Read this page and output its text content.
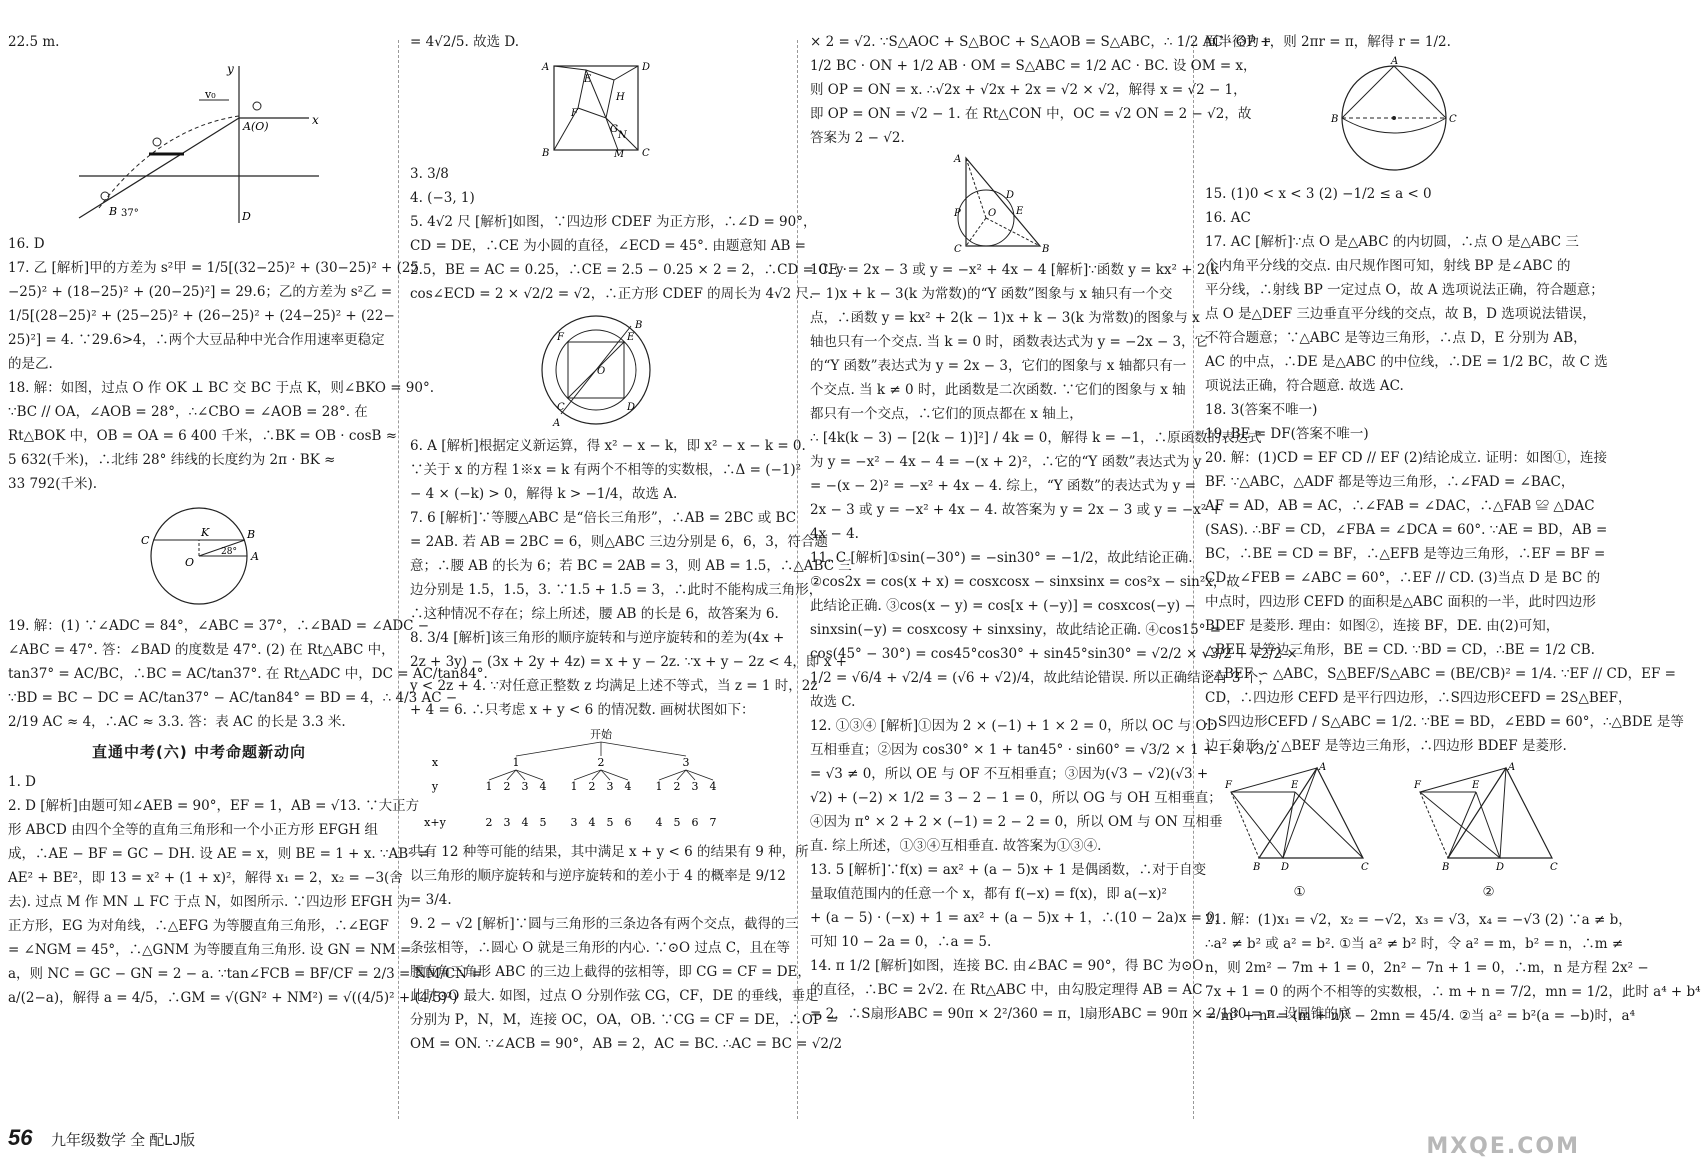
22.5 m.
v₀
y
x
A(O)
D
B 37°
16. D
17. 乙 [解析]甲的方差为 s²甲 = 1/5[(32−25)² + (30−25)² + (25
−25)² + (18−25)² + (20−25)²] = 29.6；乙的方差为 s²乙 =
1/5[(28−25)² + (25−25)² + (26−25)² + (24−25)² + (22−
25)²] = 4. ∵29.6>4，∴两个大豆品种中光合作用速率更稳定
的是乙.
18. 解：如图，过点 O 作 OK ⊥ BC 交 BC 于点 K，则∠BKO = 90°.
∵BC // OA，∠AOB = 28°，∴∠CBO = ∠AOB = 28°. 在
Rt△BOK 中，OB = OA = 6 400 千米，∴BK = OB · cosB ≈
5 632(千米)，∴北纬 28° 纬线的长度约为 2π · BK ≈
33 792(千米).
C	B
A
O
K
28°
19. 解：(1) ∵∠ADC = 84°，∠ABC = 37°，∴∠BAD = ∠ADC −
∠ABC = 47°. 答：∠BAD 的度数是 47°. (2) 在 Rt△ABC 中，
tan37° = AC/BC，∴BC = AC/tan37°. 在 Rt△ADC 中，DC = AC/tan84°.
∵BD = BC − DC = AC/tan37° − AC/tan84° = BD = 4，∴ 4/3 AC −
2/19 AC ≈ 4，∴AC ≈ 3.3. 答：表 AC 的长是 3.3 米.
直通中考(六) 中考命题新动向
1. D
2. D [解析]由题可知∠AEB = 90°，EF = 1，AB = √13. ∵大正方
形 ABCD 由四个全等的直角三角形和一个小正方形 EFGH 组
成，∴AE − BF = GC − DH. 设 AE = x，则 BE = 1 + x. ∵AB² =
AE² + BE²，即 13 = x² + (1 + x)²，解得 x₁ = 2，x₂ = −3(舍
去). 过点 M 作 MN ⊥ FC 于点 N，如图所示. ∵四边形 EFGH 为
正方形，EG 为对角线，∴△EFG 为等腰直角三角形，∴∠EGF
= ∠NGM = 45°，∴△GNM 为等腰直角三角形. 设 GN = NM =
a，则 NC = GC − GN = 2 − a. ∵tan∠FCB = BF/CF = 2/3 = NM/CN =
a/(2−a)，解得 a = 4/5，∴GM = √(GN² + NM²) = √((4/5)² + (4/5)²)
= 4√2/5. 故选 D.
A	D
B	C
E
H
F
G
N
M
3. 3/8
4. (−3, 1)
5. 4√2 尺 [解析]如图，∵四边形 CDEF 为正方形，∴∠D = 90°，
CD = DE，∴CE 为小圆的直径，∠ECD = 45°. 由题意知 AB =
2.5，BE = AC = 0.25，∴CE = 2.5 − 0.25 × 2 = 2，∴CD = CE ·
cos∠ECD = 2 × √2/2 = √2，∴正方形 CDEF 的周长为 4√2 尺.
F	E
C	D
O
B
A
6. A [解析]根据定义新运算，得 x² − x − k，即 x² − x − k = 0.
∵关于 x 的方程 1※x = k 有两个不相等的实数根，∴Δ = (−1)²
− 4 × (−k) > 0，解得 k > −1/4，故选 A.
7. 6 [解析]∵等腰△ABC 是“倍长三角形”，∴AB = 2BC 或 BC
= 2AB. 若 AB = 2BC = 6，则△ABC 三边分别是 6，6，3，符合题
意；∴腰 AB 的长为 6；若 BC = 2AB = 3，则 AB = 1.5，∴△ABC 三
边分别是 1.5，1.5，3. ∵1.5 + 1.5 = 3，∴此时不能构成三角形，
∴这种情况不存在；综上所述，腰 AB 的长是 6，故答案为 6.
8. 3/4 [解析]该三角形的顺序旋转和与逆序旋转和的差为(4x +
2z + 3y) − (3x + 2y + 4z) = x + y − 2z. ∵x + y − 2z < 4，即 x +
y < 2z + 4. ∵对任意正整数 z 均满足上述不等式，当 z = 1 时，2z
+ 4 = 6. ∴只考虑 x + y < 6 的情况数. 画树状图如下：
开始
x
y
x+y
1
1
2
2
3
3
4
4
5
2
1
3
2
4
3
5
4
6
3
1
4
2
5
3
6
4
7
共有 12 种等可能的结果，其中满足 x + y < 6 的结果有 9 种，所
以三角形的顺序旋转和与逆序旋转和的差小于 4 的概率是 9/12
= 3/4.
9. 2 − √2 [解析]∵圆与三角形的三条边各有两个交点，截得的三
条弦相等，∴圆心 O 就是三角形的内心. ∵⊙O 过点 C，且在等
腰直角三角形 ABC 的三边上截得的弦相等，即 CG = CF = DE，
此时⊙O 最大. 如图，过点 O 分别作弦 CG，CF，DE 的垂线，垂足
分别为 P，N，M，连接 OC，OA，OB. ∵CG = CF = DE，∴OP =
OM = ON. ∵∠ACB = 90°，AB = 2，AC = BC. ∴AC = BC = √2/2
× 2 = √2. ∵S△AOC + S△BOC + S△AOB = S△ABC，∴ 1/2 AC · OP +
1/2 BC · ON + 1/2 AB · OM = S△ABC = 1/2 AC · BC. 设 OM = x，
则 OP = ON = x. ∴√2x + √2x + 2x = √2 × √2，解得 x = √2 − 1，
即 OP = ON = √2 − 1. 在 Rt△CON 中，OC = √2 ON = 2 − √2，故
答案为 2 − √2.
A
C	B
O
P	E
D
10. y = 2x − 3 或 y = −x² + 4x − 4 [解析]∵函数 y = kx² + 2(k
− 1)x + k − 3(k 为常数)的“Y 函数”图象与 x 轴只有一个交
点，∴函数 y = kx² + 2(k − 1)x + k − 3(k 为常数)的图象与 x
轴也只有一个交点. 当 k = 0 时，函数表达式为 y = −2x − 3，它
的“Y 函数”表达式为 y = 2x − 3，它们的图象与 x 轴都只有一
个交点. 当 k ≠ 0 时，此函数是二次函数. ∵它们的图象与 x 轴
都只有一个交点，∴它们的顶点都在 x 轴上，
∴ [4k(k − 3) − [2(k − 1)]²] / 4k = 0，解得 k = −1，∴原函数的表达式
为 y = −x² − 4x − 4 = −(x + 2)²，∴它的“Y 函数”表达式为 y
= −(x − 2)² = −x² + 4x − 4. 综上，“Y 函数”的表达式为 y =
2x − 3 或 y = −x² + 4x − 4. 故答案为 y = 2x − 3 或 y = −x² +
4x − 4.
11. C [解析]①sin(−30°) = −sin30° = −1/2，故此结论正确.
②cos2x = cos(x + x) = cosxcosx − sinxsinx = cos²x − sin²x，故
此结论正确. ③cos(x − y) = cos[x + (−y)] = cosxcos(−y) −
sinxsin(−y) = cosxcosy + sinxsiny，故此结论正确. ④cos15° =
cos(45° − 30°) = cos45°cos30° + sin45°sin30° = √2/2 × √3/2 + √2/2 ×
1/2 = √6/4 + √2/4 = (√6 + √2)/4，故此结论错误. 所以正确结论有 3 个，
故选 C.
12. ①③④ [解析]①因为 2 × (−1) + 1 × 2 = 0，所以 OC 与 OD
互相垂直；②因为 cos30° × 1 + tan45° · sin60° = √3/2 × 1 + 1 × √3/2
= √3 ≠ 0，所以 OE 与 OF 不互相垂直；③因为(√3 − √2)(√3 +
√2) + (−2) × 1/2 = 3 − 2 − 1 = 0，所以 OG 与 OH 互相垂直；
④因为 π° × 2 + 2 × (−1) = 2 − 2 = 0，所以 OM 与 ON 互相垂
直. 综上所述，①③④互相垂直. 故答案为①③④.
13. 5 [解析]∵f(x) = ax² + (a − 5)x + 1 是偶函数，∴对于自变
量取值范围内的任意一个 x，都有 f(−x) = f(x)，即 a(−x)²
+ (a − 5) · (−x) + 1 = ax² + (a − 5)x + 1，∴(10 − 2a)x = 0，
可知 10 − 2a = 0，∴a = 5.
14. π 1/2 [解析]如图，连接 BC. 由∠BAC = 90°，得 BC 为⊙O
的直径，∴BC = 2√2. 在 Rt△ABC 中，由勾股定理得 AB = AC
= 2，∴S扇形ABC = 90π × 2²/360 = π，l扇形ABC = 90π × 2/180 = π. 设圆锥的底
面半径为 r，则 2πr = π，解得 r = 1/2.
A
B	C
15. (1)0 < x < 3 (2) −1/2 ≤ a < 0
16. AC
17. AC [解析]∵点 O 是△ABC 的内切圆，∴点 O 是△ABC 三
个内角平分线的交点. 由尺规作图可知，射线 BP 是∠ABC 的
平分线，∴射线 BP 一定过点 O，故 A 选项说法正确，符合题意；
点 O 是△DEF 三边垂直平分线的交点，故 B，D 选项说法错误，
不符合题意；∵△ABC 是等边三角形，∴点 D，E 分别为 AB，
AC 的中点，∴DE 是△ABC 的中位线，∴DE = 1/2 BC，故 C 选
项说法正确，符合题意. 故选 AC.
18. 3(答案不唯一)
19. BE = DF(答案不唯一)
20. 解：(1)CD = EF CD // EF (2)结论成立. 证明：如图①，连接
BF. ∵△ABC，△ADF 都是等边三角形，∴∠FAD = ∠BAC，
AF = AD，AB = AC，∴∠FAB = ∠DAC，∴△FAB ≌ △DAC
(SAS). ∴BF = CD，∠FBA = ∠DCA = 60°. ∵AE = BD，AB =
BC，∴BE = CD = BF，∴△EFB 是等边三角形，∴EF = BF =
CD，∠FEB = ∠ABC = 60°，∴EF // CD. (3)当点 D 是 BC 的
中点时，四边形 CEFD 的面积是△ABC 面积的一半，此时四边形
BDEF 是菱形. 理由：如图②，连接 BF，DE. 由(2)可知，
△BEF 是等边三角形，BE = CD. ∵BD = CD，∴BE = 1/2 CB.
∵△BEF ∽ △ABC，S△BEF/S△ABC = (BE/CB)² = 1/4. ∵EF // CD，EF =
CD，∴四边形 CEFD 是平行四边形，∴S四边形CEFD = 2S△BEF，
∴ S四边形CEFD / S△ABC = 1/2. ∵BE = BD，∠EBD = 60°，∴△BDE 是等
边三角形. ∵△BEF 是等边三角形，∴四边形 BDEF 是菱形.
A
F	E
B D	C
①
A
F	E
B	D	C
②
21. 解：(1)x₁ = √2，x₂ = −√2，x₃ = √3，x₄ = −√3 (2) ∵a ≠ b，
∴a² ≠ b² 或 a² = b². ①当 a² ≠ b² 时，令 a² = m，b² = n，∴m ≠
n，则 2m² − 7m + 1 = 0，2n² − 7n + 1 = 0，∴m，n 是方程 2x² −
7x + 1 = 0 的两个不相等的实数根，∴ m + n = 7/2，mn = 1/2，此时 a⁴ + b⁴
= m² + n² = (m + n)² − 2mn = 45/4. ②当 a² = b²(a = −b)时，a⁴
56 九年级数学 全 配LJ版	MXQE.COM
